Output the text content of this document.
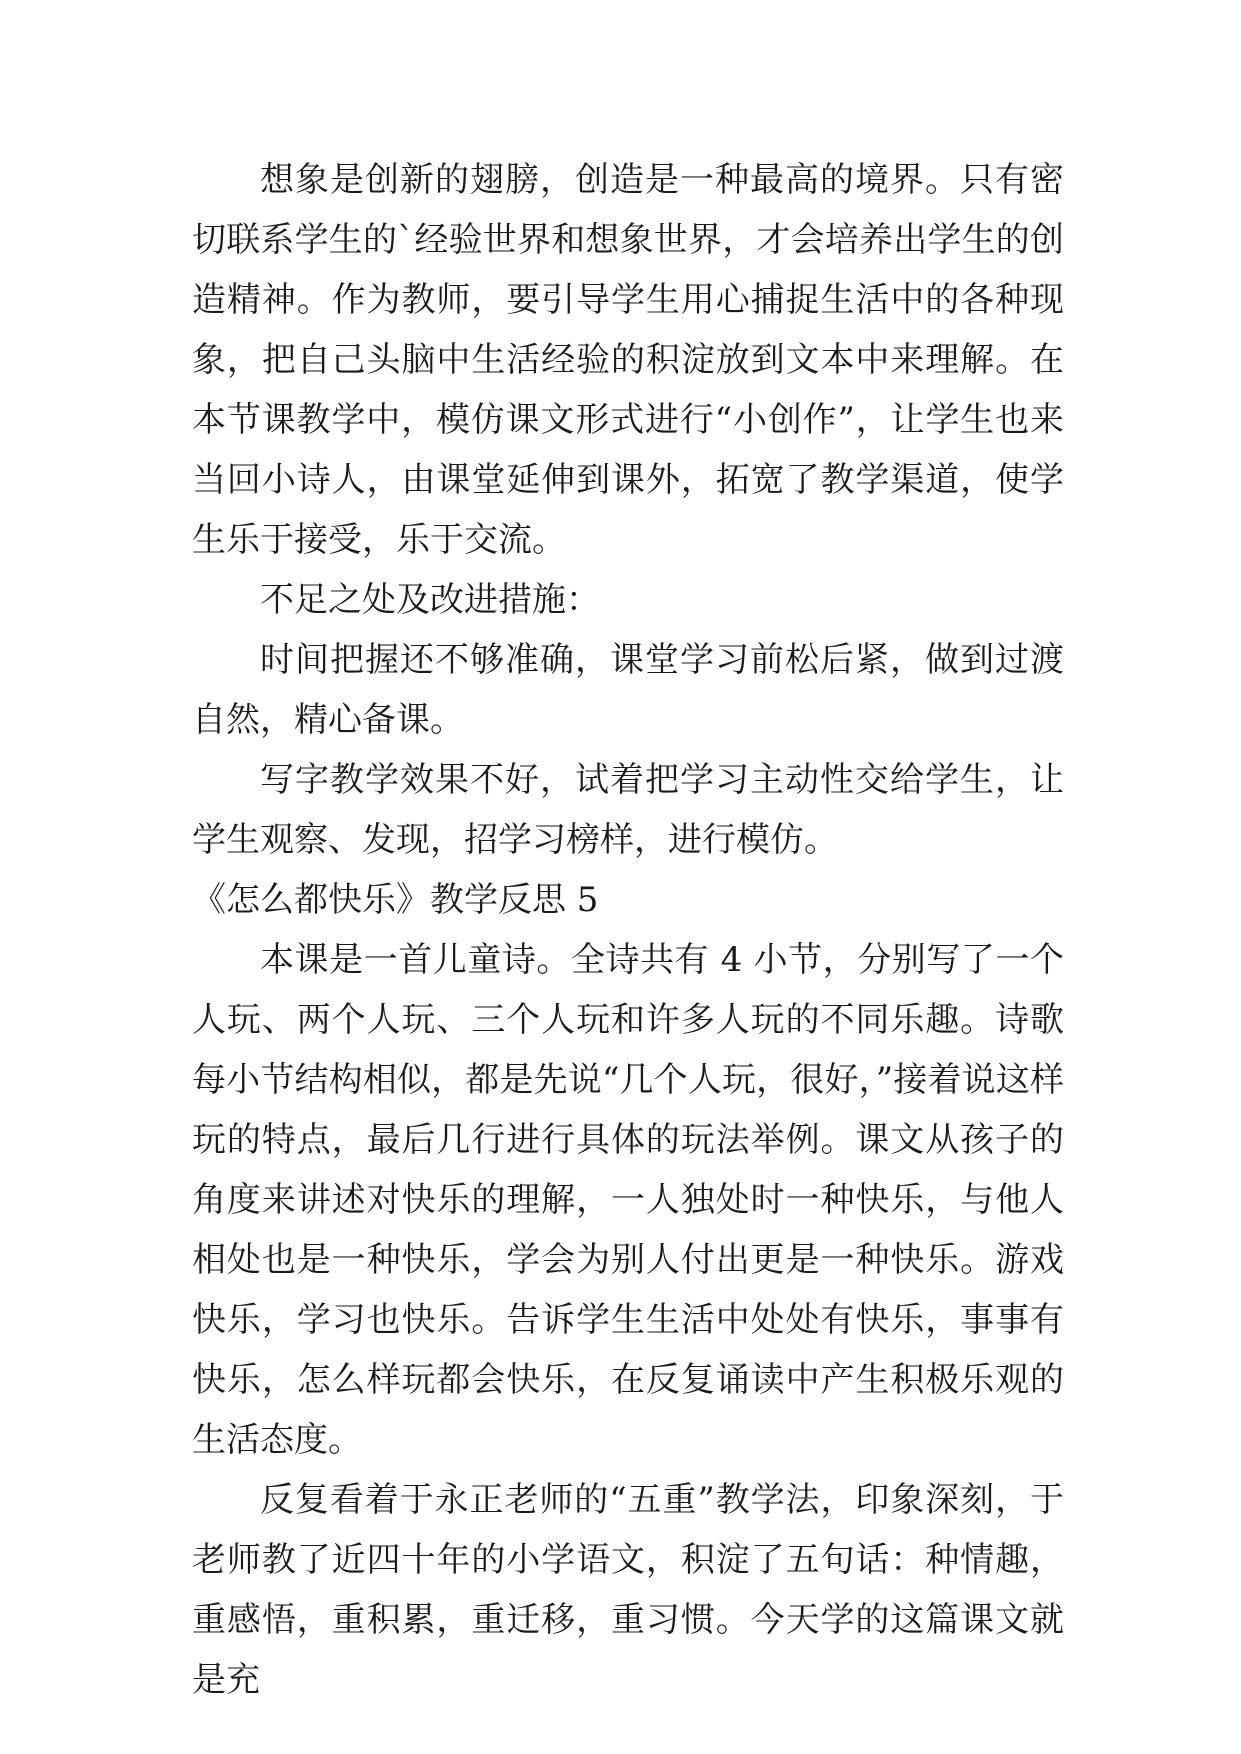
想象是创新的翅膀，创造是一种最高的境界。只有密切联系学生的`经验世界和想象世界，才会培养出学生的创造精神。作为教师，要引导学生用心捕捉生活中的各种现象，把自己头脑中生活经验的积淀放到文本中来理解。在本节课教学中，模仿课文形式进行“小创作”，让学生也来当回小诗人，由课堂延伸到课外，拓宽了教学渠道，使学生乐于接受，乐于交流。

不足之处及改进措施：

时间把握还不够准确，课堂学习前松后紧，做到过渡自然，精心备课。

写字教学效果不好，试着把学习主动性交给学生，让学生观察、发现，招学习榜样，进行模仿。

《怎么都快乐》教学反思 5

本课是一首儿童诗。全诗共有 4 小节，分别写了一个人玩、两个人玩、三个人玩和许多人玩的不同乐趣。诗歌每小节结构相似，都是先说“几个人玩，很好，”接着说这样玩的特点，最后几行进行具体的玩法举例。课文从孩子的角度来讲述对快乐的理解，一人独处时一种快乐，与他人相处也是一种快乐，学会为别人付出更是一种快乐。游戏快乐，学习也快乐。告诉学生生活中处处有快乐，事事有快乐，怎么样玩都会快乐，在反复诵读中产生积极乐观的生活态度。

反复看着于永正老师的“五重”教学法，印象深刻，于老师教了近四十年的小学语文，积淀了五句话：种情趣，重感悟，重积累，重迁移，重习惯。今天学的这篇课文就是充
